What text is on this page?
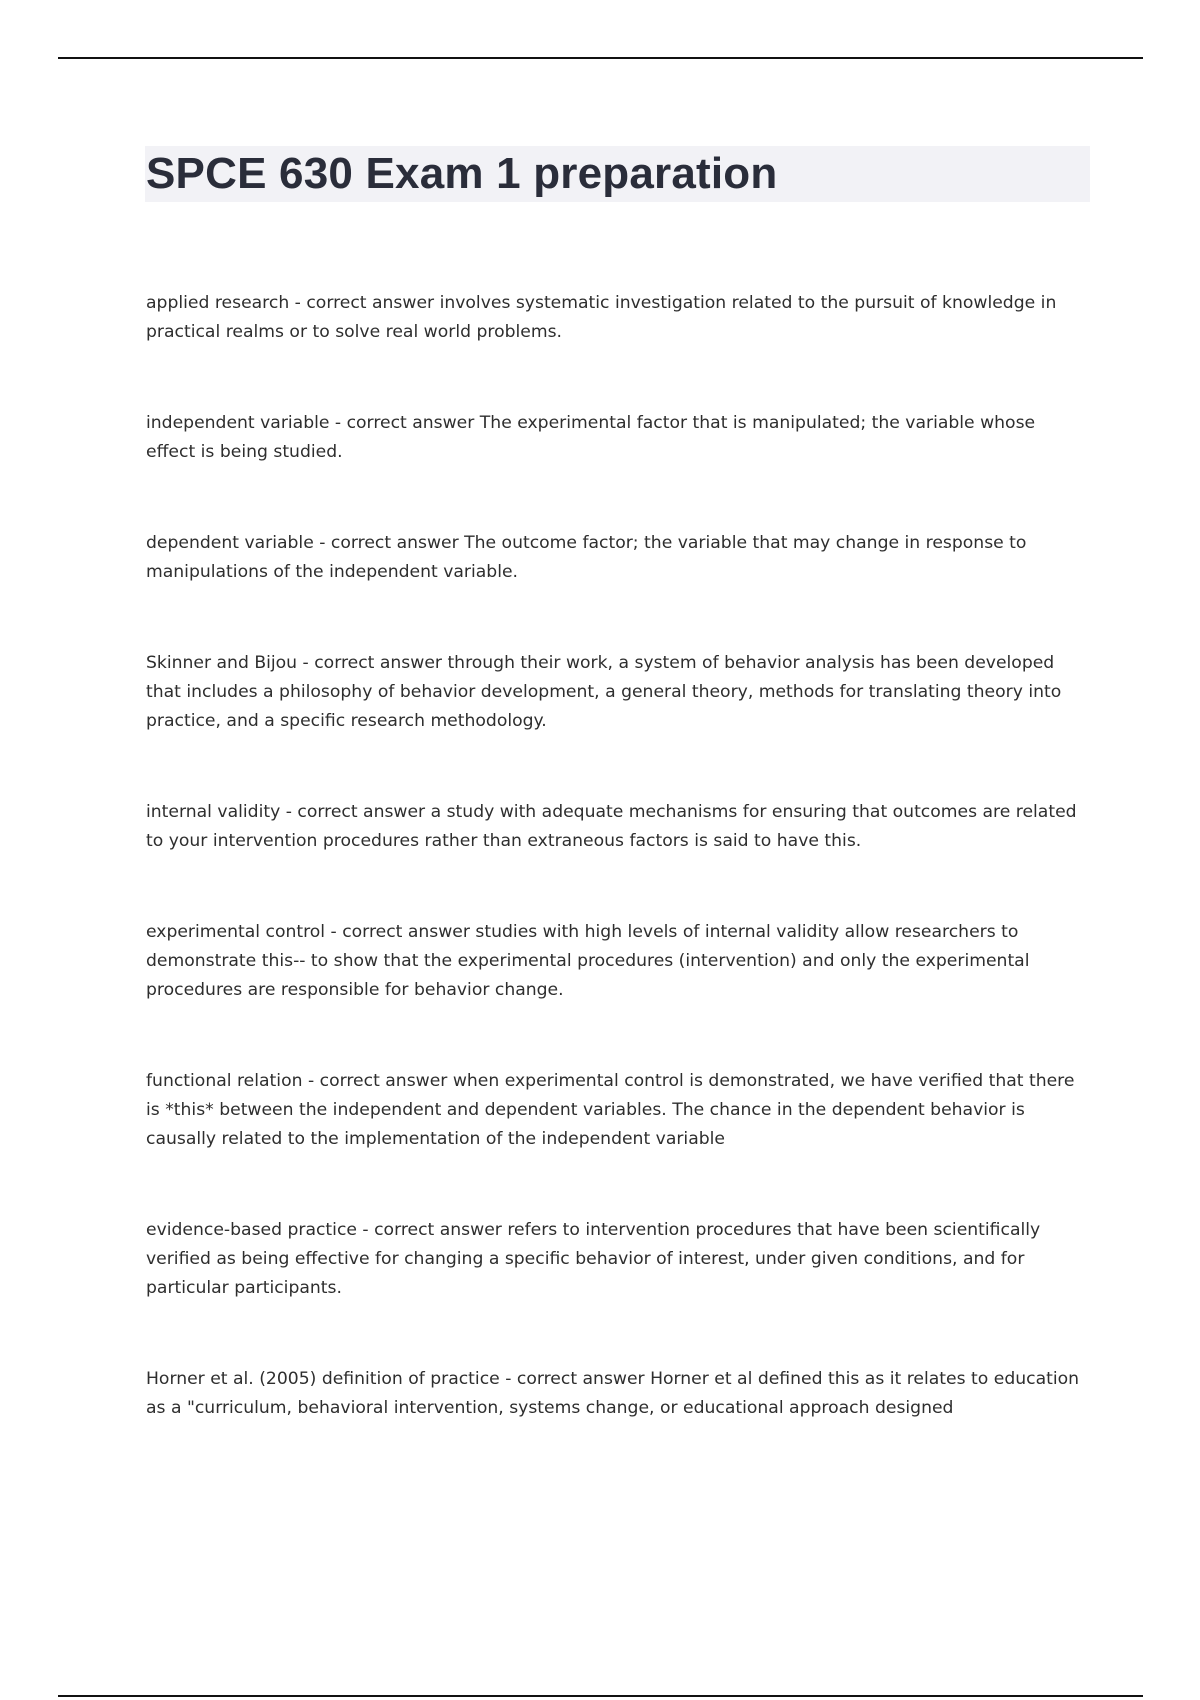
SPCE 630 Exam 1 preparation

applied research - correct answer involves systematic investigation related to the pursuit of knowledge in practical realms or to solve real world problems.

independent variable - correct answer The experimental factor that is manipulated; the variable whose effect is being studied.

dependent variable - correct answer The outcome factor; the variable that may change in response to manipulations of the independent variable.

Skinner and Bijou - correct answer through their work, a system of behavior analysis has been developed that includes a philosophy of behavior development, a general theory, methods for translating theory into practice, and a specific research methodology.

internal validity - correct answer a study with adequate mechanisms for ensuring that outcomes are related to your intervention procedures rather than extraneous factors is said to have this.

experimental control - correct answer studies with high levels of internal validity allow researchers to demonstrate this-- to show that the experimental procedures (intervention) and only the experimental procedures are responsible for behavior change.

functional relation - correct answer when experimental control is demonstrated, we have verified that there is *this* between the independent and dependent variables. The chance in the dependent behavior is causally related to the implementation of the independent variable

evidence-based practice - correct answer refers to intervention procedures that have been scientifically verified as being effective for changing a specific behavior of interest, under given conditions, and for particular participants.

Horner et al. (2005) definition of practice - correct answer Horner et al defined this as it relates to education as a "curriculum, behavioral intervention, systems change, or educational approach designed
